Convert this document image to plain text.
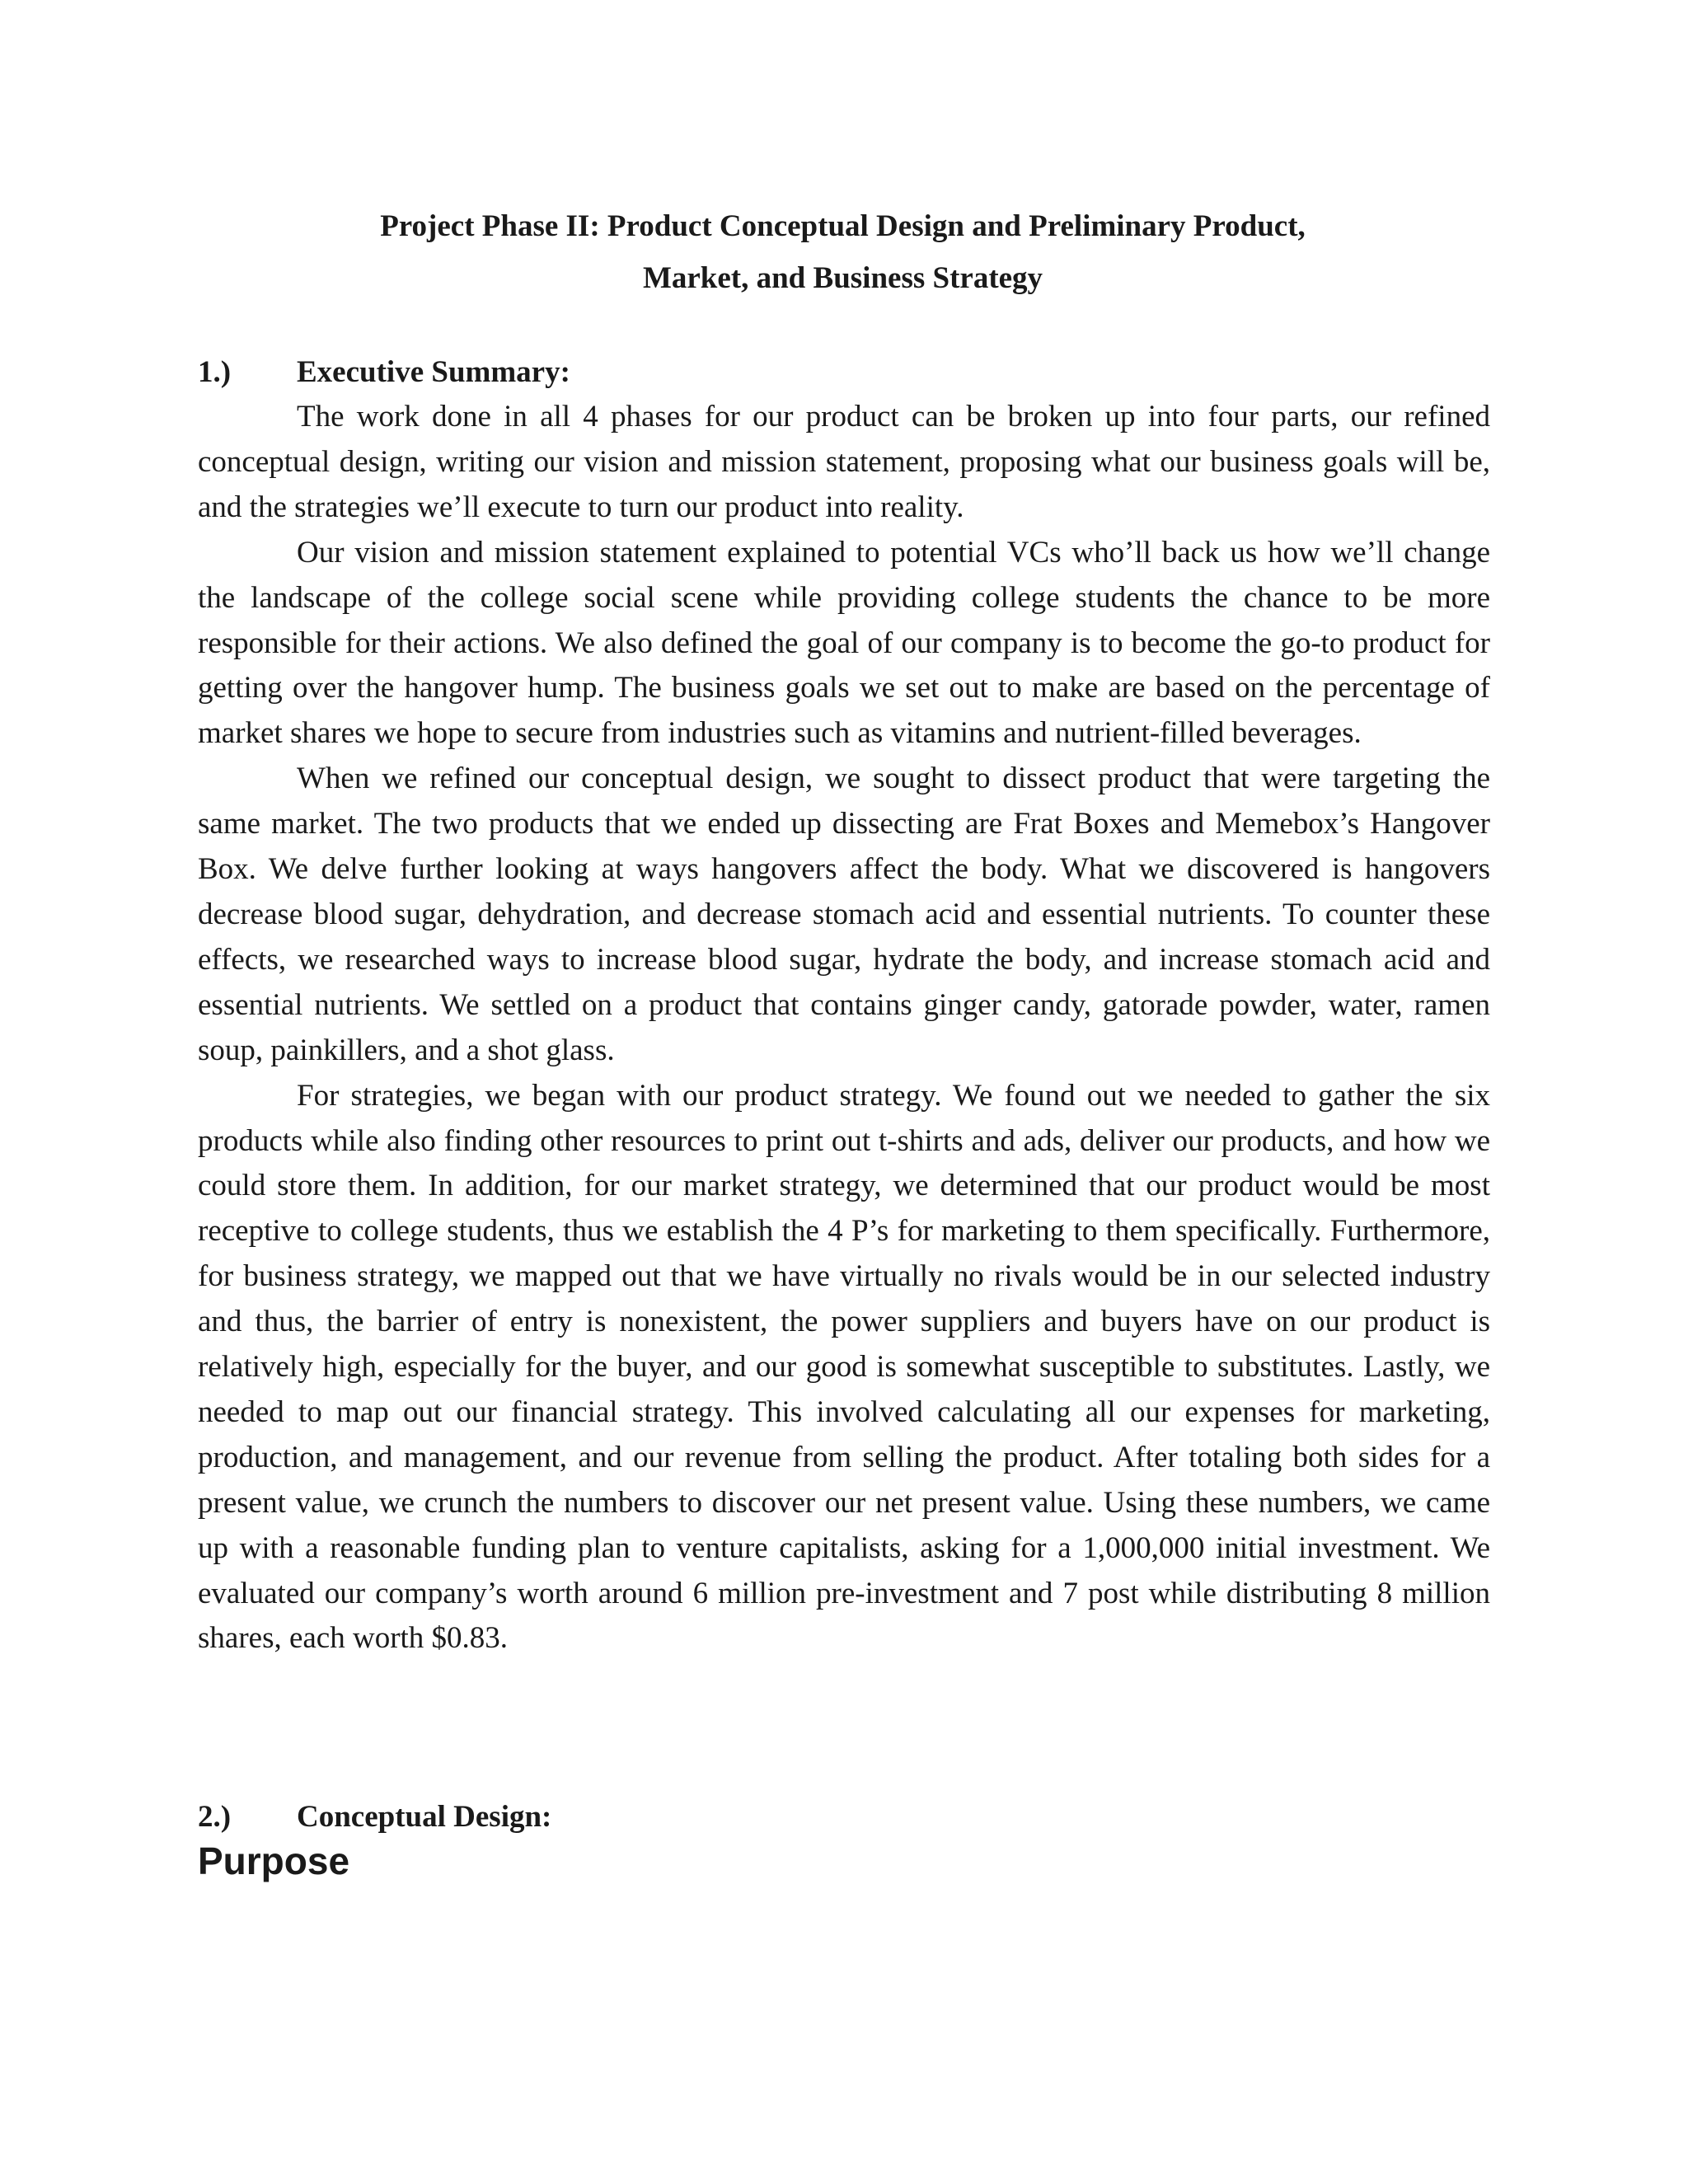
Project Phase II: Product Conceptual Design and Preliminary Product,
Market, and Business Strategy
1.)	Executive Summary:

The work done in all 4 phases for our product can be broken up into four parts, our refined conceptual design, writing our vision and mission statement, proposing what our business goals will be, and the strategies we’ll execute to turn our product into reality.

Our vision and mission statement explained to potential VCs who’ll back us how we’ll change the landscape of the college social scene while providing college students the chance to be more responsible for their actions. We also defined the goal of our company is to become the go-to product for getting over the hangover hump. The business goals we set out to make are based on the percentage of market shares we hope to secure from industries such as vitamins and nutrient-filled beverages.

When we refined our conceptual design, we sought to dissect product that were targeting the same market. The two products that we ended up dissecting are Frat Boxes and Memebox’s Hangover Box. We delve further looking at ways hangovers affect the body. What we discovered is hangovers decrease blood sugar, dehydration, and decrease stomach acid and essential nutrients. To counter these effects, we researched ways to increase blood sugar, hydrate the body, and increase stomach acid and essential nutrients. We settled on a product that contains ginger candy, gatorade powder, water, ramen soup, painkillers, and a shot glass.

For strategies, we began with our product strategy. We found out we needed to gather the six products while also finding other resources to print out t-shirts and ads, deliver our products, and how we could store them. In addition, for our market strategy, we determined that our product would be most receptive to college students, thus we establish the 4 P’s for marketing to them specifically. Furthermore, for business strategy, we mapped out that we have virtually no rivals would be in our selected industry and thus, the barrier of entry is nonexistent, the power suppliers and buyers have on our product is relatively high, especially for the buyer, and our good is somewhat susceptible to substitutes. Lastly, we needed to map out our financial strategy. This involved calculating all our expenses for marketing, production, and management, and our revenue from selling the product. After totaling both sides for a present value, we crunch the numbers to discover our net present value. Using these numbers, we came up with a reasonable funding plan to venture capitalists, asking for a 1,000,000 initial investment. We evaluated our company’s worth around 6 million pre-investment and 7 post while distributing 8 million shares, each worth $0.83.

2.)	Conceptual Design:
Purpose
